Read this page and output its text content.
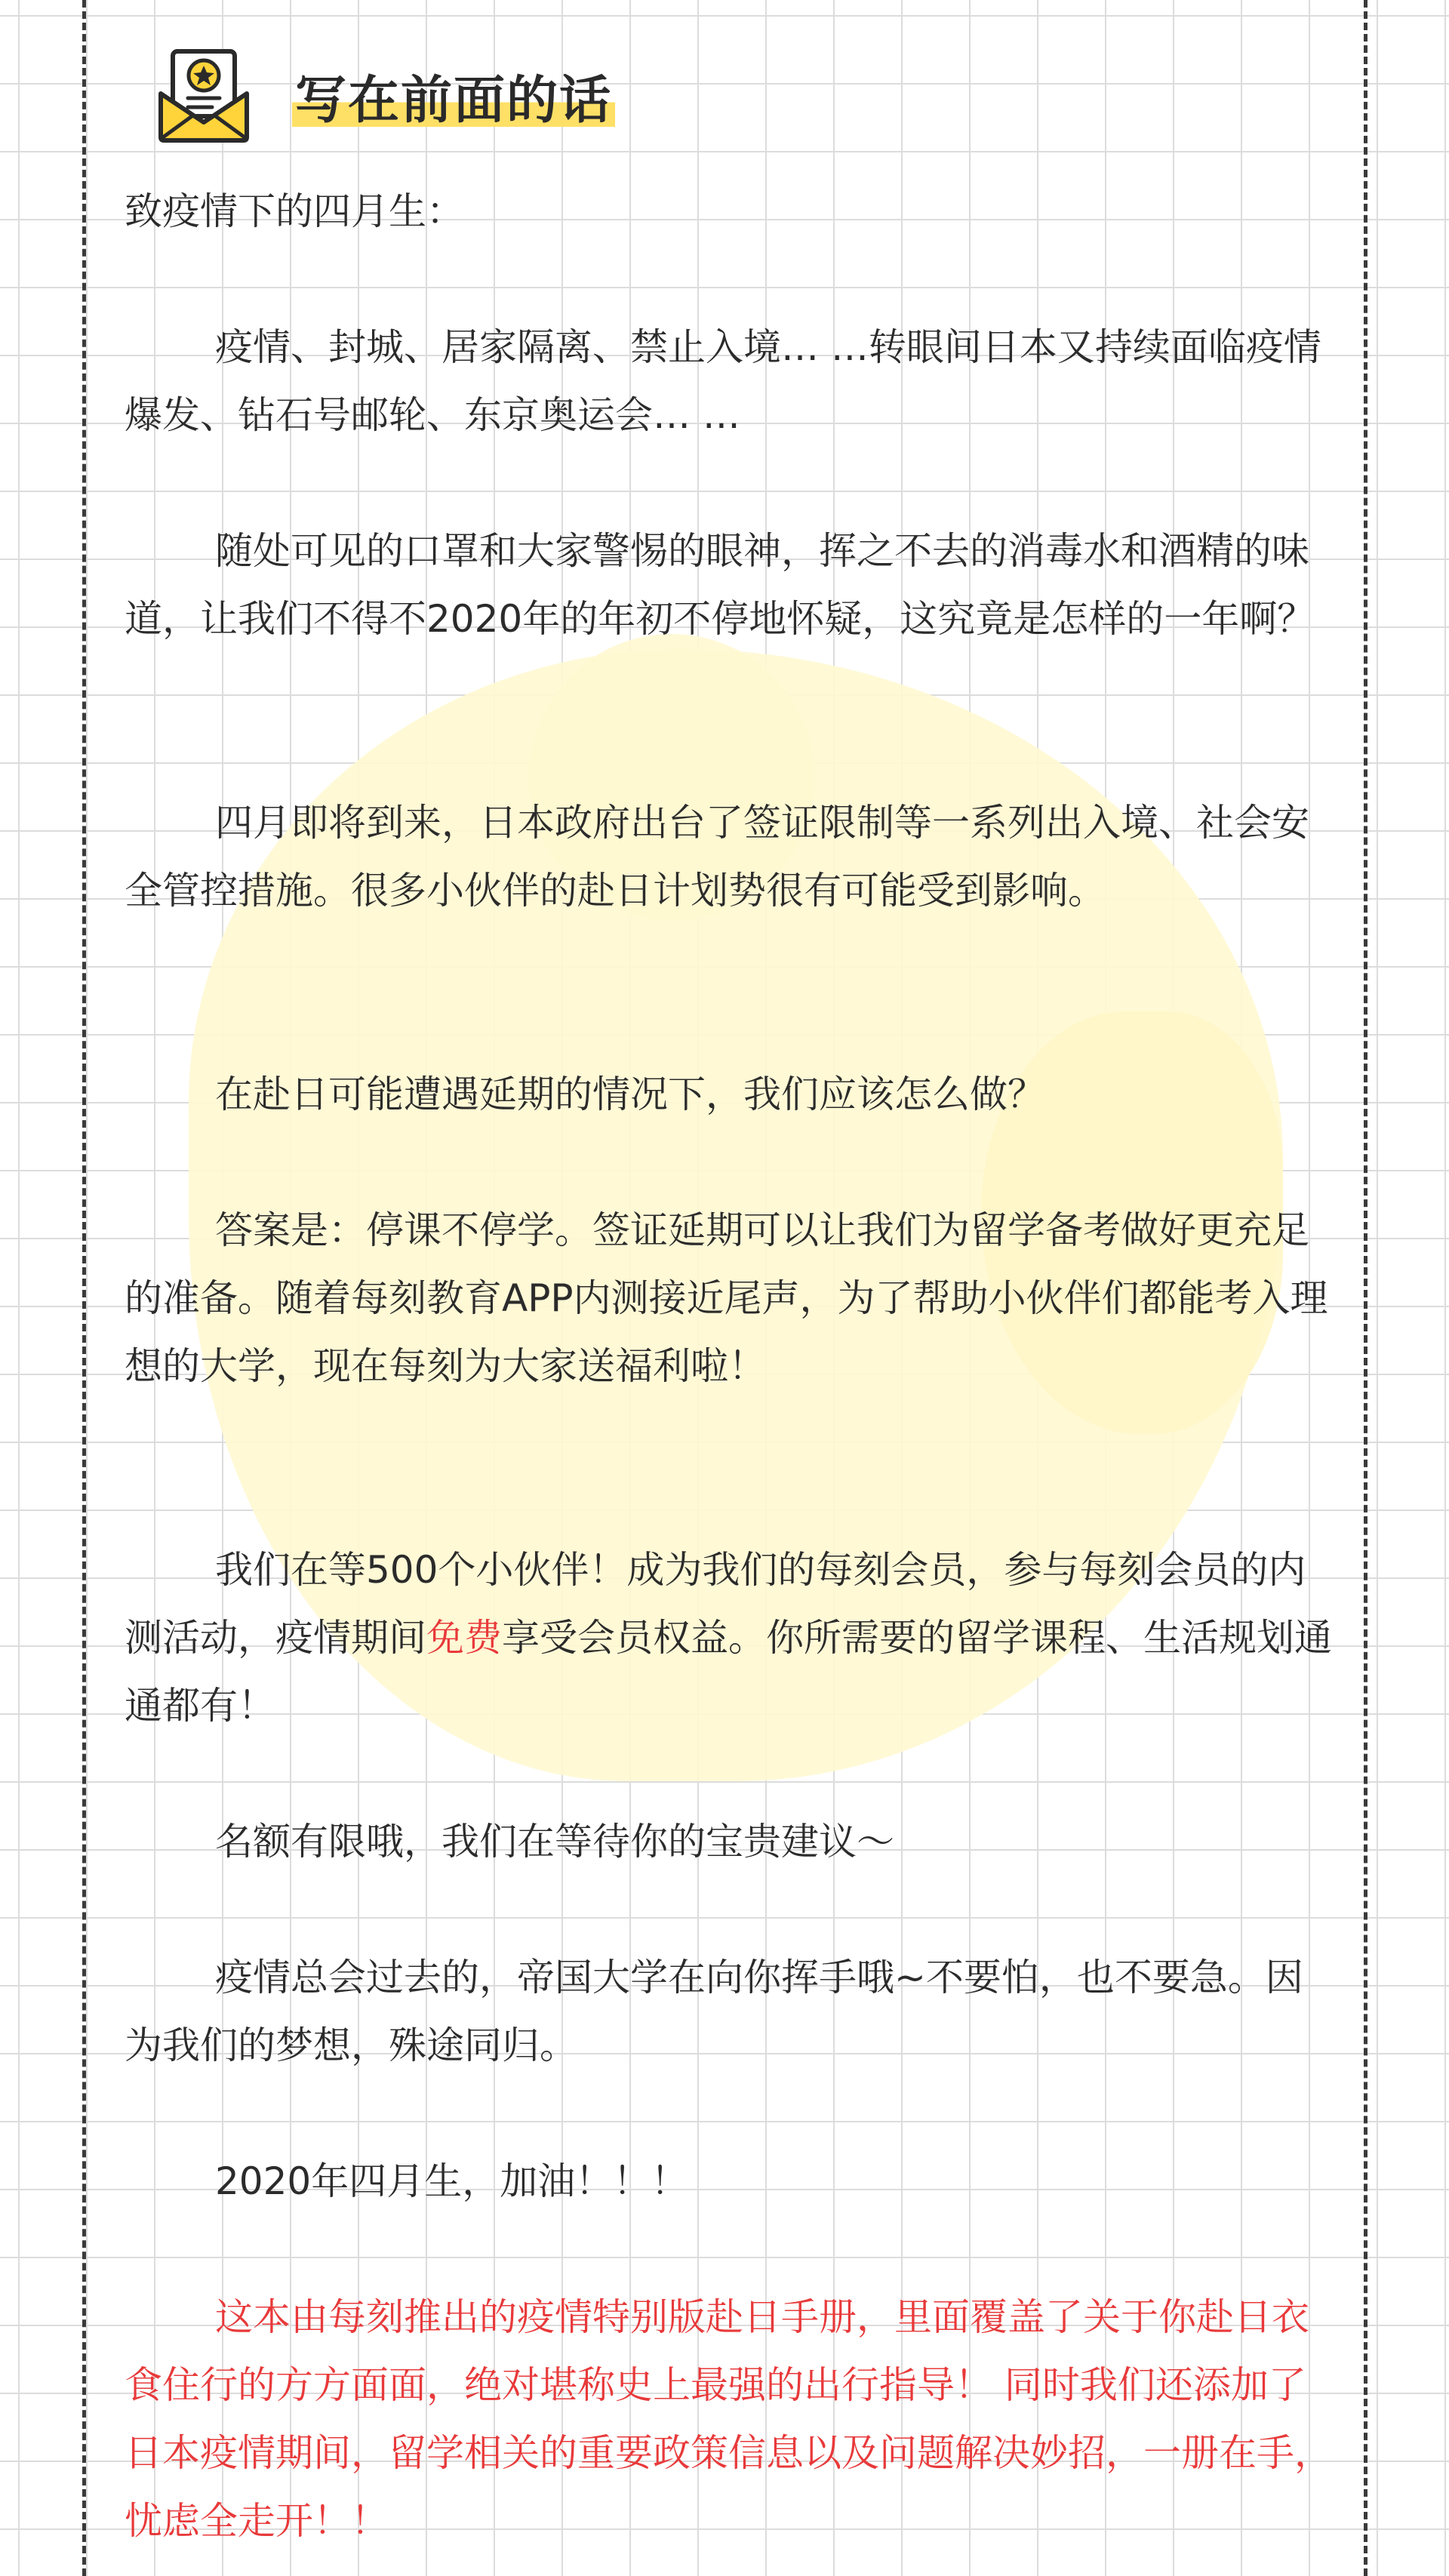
写在前面的话

致疫情下的四月生：

疫情、封城、居家隔离、禁止入境… …转眼间日本又持续面临疫情爆发、钻石号邮轮、东京奥运会… …

随处可见的口罩和大家警惕的眼神，挥之不去的消毒水和酒精的味道，让我们不得不2020年的年初不停地怀疑，这究竟是怎样的一年啊？

四月即将到来，日本政府出台了签证限制等一系列出入境、社会安全管控措施。很多小伙伴的赴日计划势很有可能受到影响。

在赴日可能遭遇延期的情况下，我们应该怎么做？

答案是：停课不停学。签证延期可以让我们为留学备考做好更充足的准备。随着每刻教育APP内测接近尾声，为了帮助小伙伴们都能考入理想的大学，现在每刻为大家送福利啦！

我们在等500个小伙伴！成为我们的每刻会员，参与每刻会员的内测活动，疫情期间免费享受会员权益。你所需要的留学课程、生活规划通通都有！

名额有限哦，我们在等待你的宝贵建议～

疫情总会过去的，帝国大学在向你挥手哦~不要怕，也不要急。因为我们的梦想，殊途同归。

2020年四月生，加油！！！

这本由每刻推出的疫情特别版赴日手册，里面覆盖了关于你赴日衣食住行的方方面面，绝对堪称史上最强的出行指导！ 同时我们还添加了日本疫情期间，留学相关的重要政策信息以及问题解决妙招，一册在手，忧虑全走开！！
